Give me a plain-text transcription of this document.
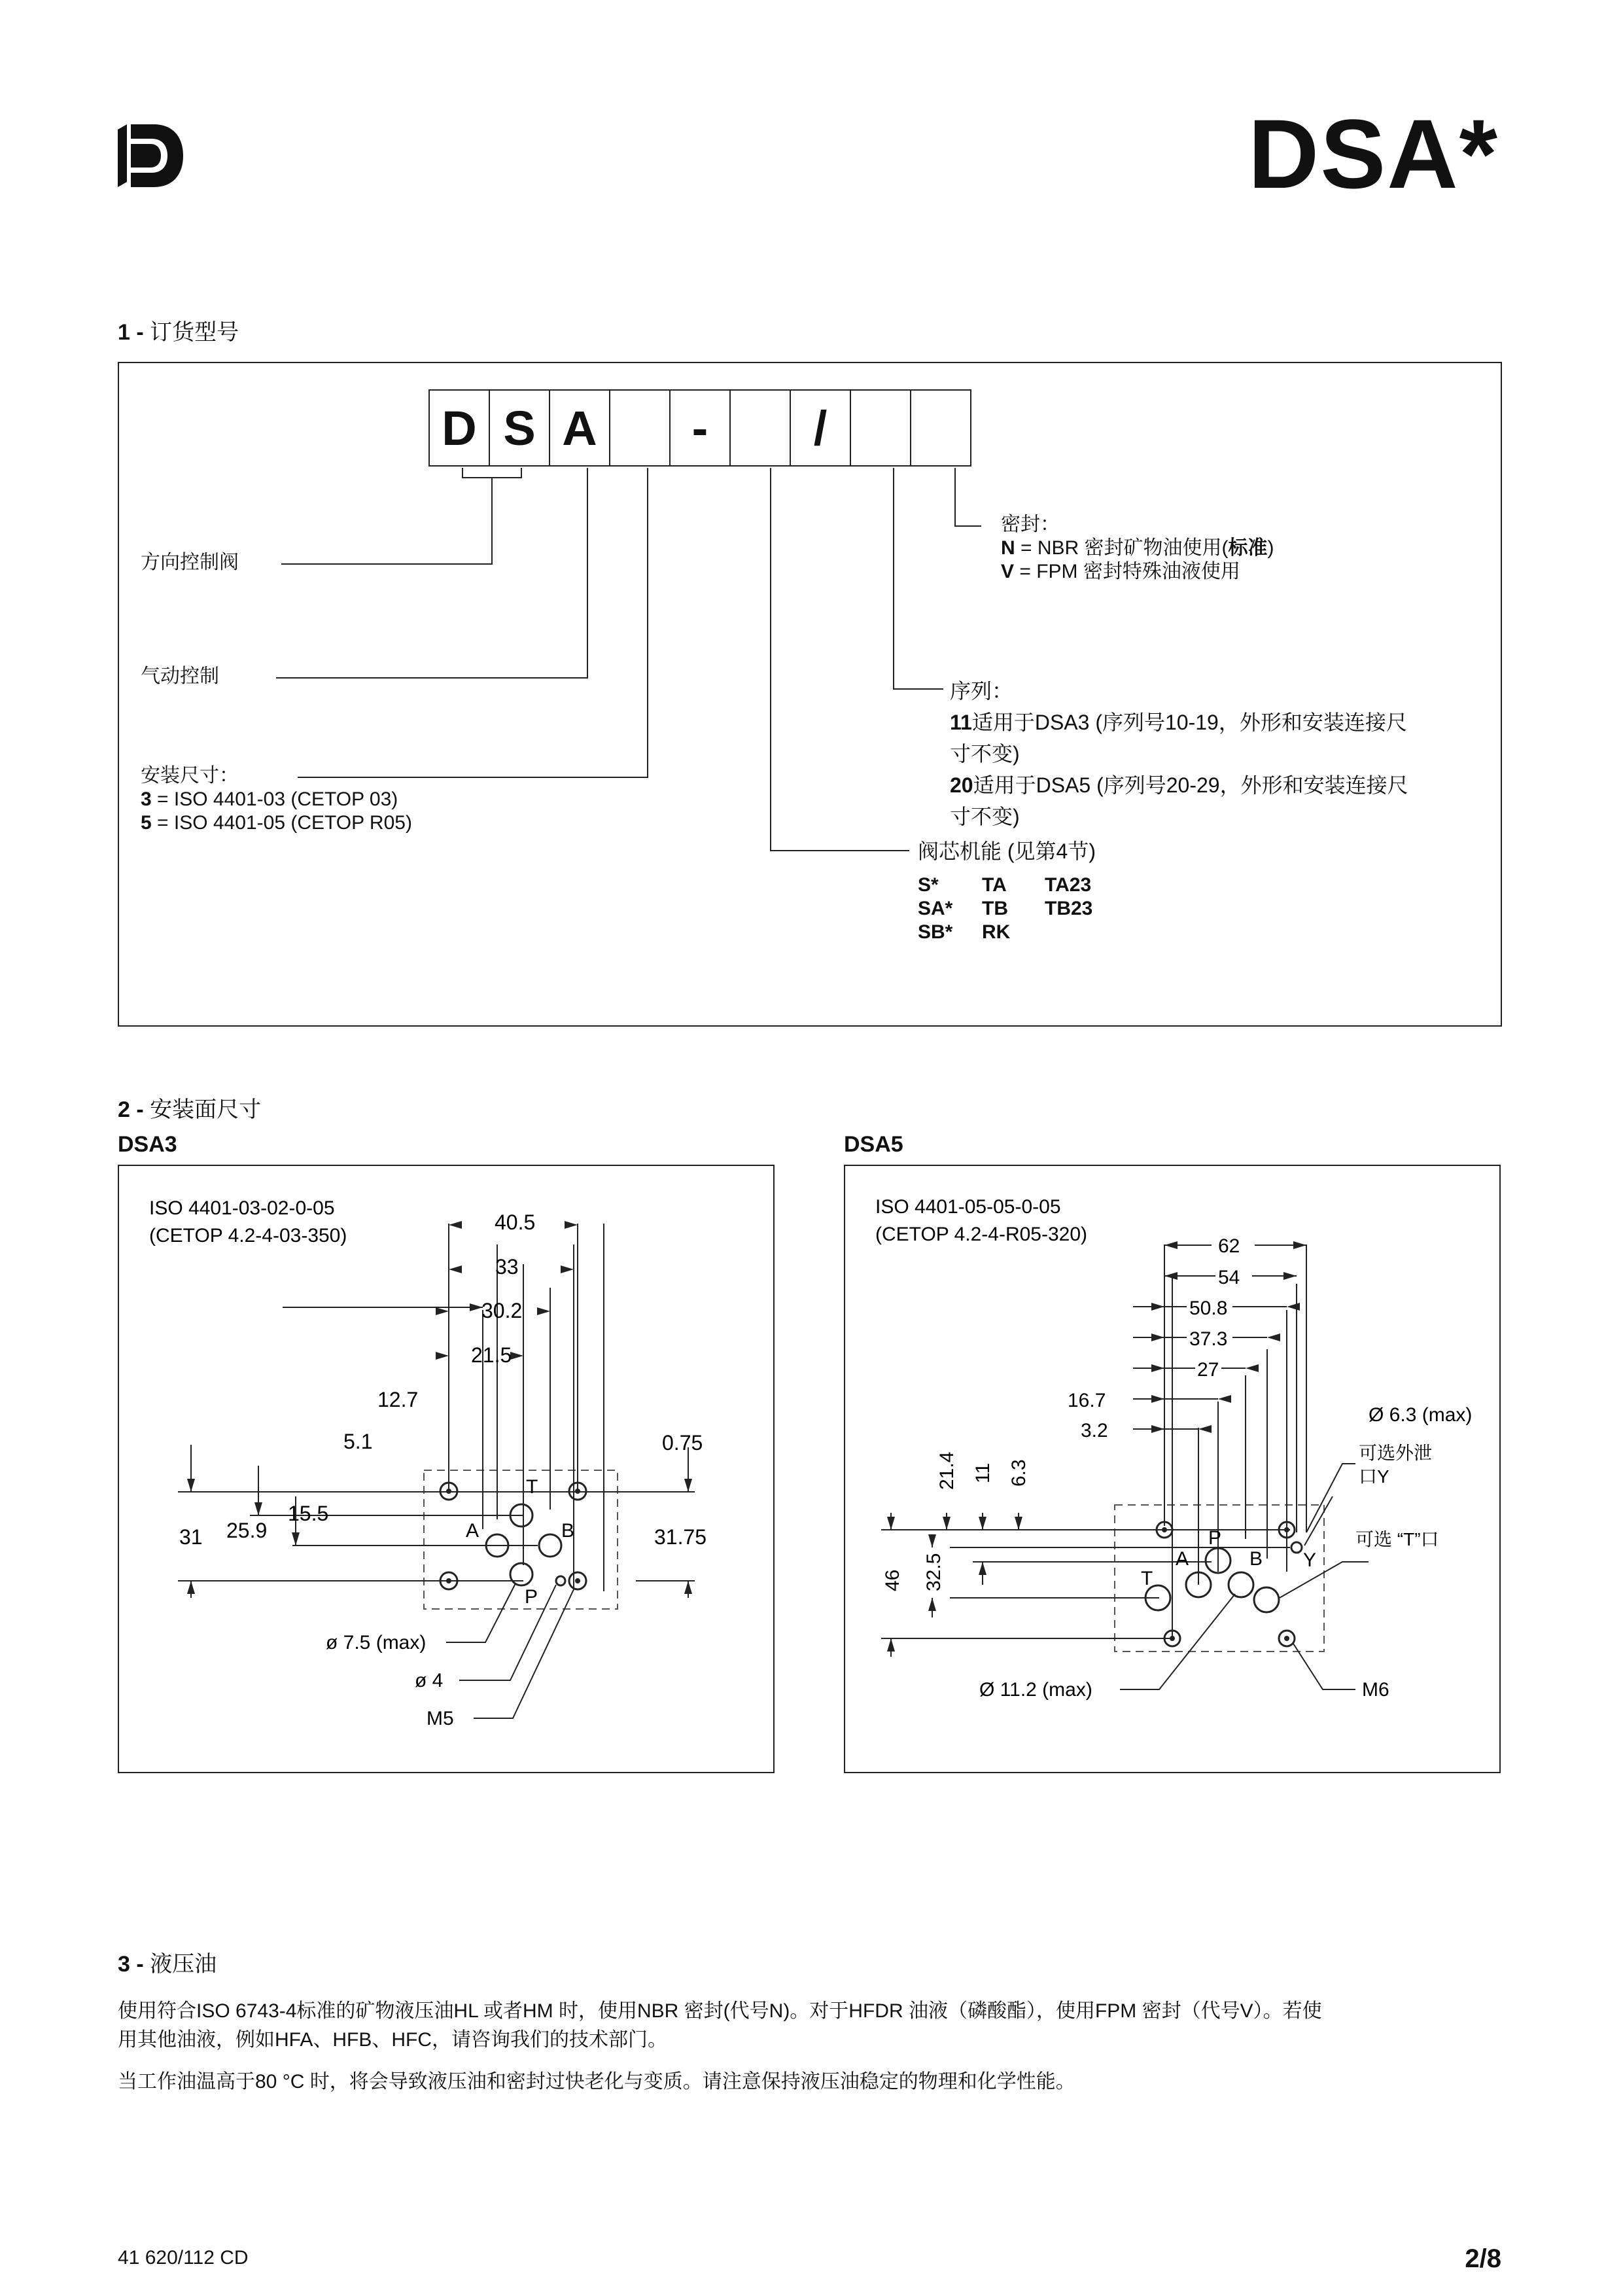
DSA*
1 - 订货型号
D S A	-	/
方向控制阀
气动控制
安装尺寸：
3 = ISO 4401-03 (CETOP 03)
5 = ISO 4401-05 (CETOP R05)
密封：
N = NBR 密封矿物油使用(标准)
V = FPM 密封特殊油液使用
序列：
11适用于DSA3 (序列号10-19，外形和安装连接尺
寸不变)
20适用于DSA5 (序列号20-29，外形和安装连接尺
寸不变)
阀芯机能 (见第4节)
S*	TA	TA23
SA*	TB	TB23
SB*	RK
2 - 安装面尺寸
DSA3	DSA5
ISO 4401-03-02-0-05
(CETOP 4.2-4-03-350)
40.5
33
30.2
21.5
12.7
5.1	0.75
31 25.9
15.5
31.75
T
A	B
P
ø 7.5 (max)
ø 4
M5
ISO 4401-05-05-0-05
(CETOP 4.2-4-R05-320)
62
54
50.8
37.3
27
16.7
3.2
21.4 11 6.3
46 32.5
P
A	B Y
T
Ø 6.3 (max)
可选外泄
口Y
可选 “T”口
Ø 11.2 (max)	M6
3 - 液压油
使用符合ISO 6743-4标准的矿物液压油HL 或者HM 时，使用NBR 密封(代号N)。对于HFDR 油液（磷酸酯），使用FPM 密封（代号V）。若使
用其他油液，例如HFA、HFB、HFC，请咨询我们的技术部门。
当工作油温高于80 °C 时，将会导致液压油和密封过快老化与变质。请注意保持液压油稳定的物理和化学性能。
41 620/112 CD	2/8
